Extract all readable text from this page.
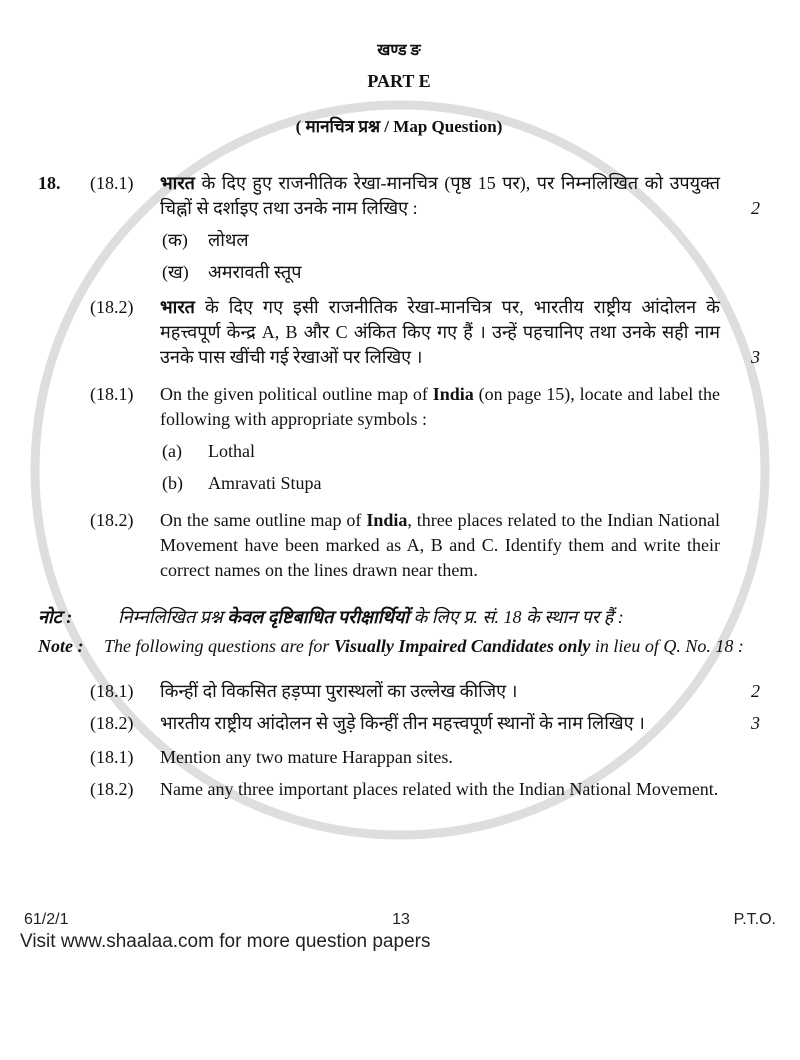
खण्ड ङ
PART E
( मानचित्र प्रश्न / Map Question)
18.	(18.1)	भारत के दिए हुए राजनीतिक रेखा-मानचित्र (पृष्ठ 15 पर), पर निम्नलिखित को उपयुक्त चिह्नों से दर्शाइए तथा उनके नाम लिखिए :	2
(क)	लोथल
(ख)	अमरावती स्तूप
(18.2)	भारत के दिए गए इसी राजनीतिक रेखा-मानचित्र पर, भारतीय राष्ट्रीय आंदोलन के महत्त्वपूर्ण केन्द्र A, B और C अंकित किए गए हैं । उन्हें पहचानिए तथा उनके सही नाम उनके पास खींची गई रेखाओं पर लिखिए ।	3
(18.1)	On the given political outline map of India (on page 15), locate and label the following with appropriate symbols :
(a)	Lothal
(b)	Amravati Stupa
(18.2)	On the same outline map of India, three places related to the Indian National Movement have been marked as A, B and C. Identify them and write their correct names on the lines drawn near them.
नोट :	निम्नलिखित प्रश्न केवल दृष्टिबाधित परीक्षार्थियों के लिए प्र. सं. 18 के स्थान पर हैं :
Note :	The following questions are for Visually Impaired Candidates only in lieu of Q. No. 18 :
(18.1)	किन्हीं दो विकसित हड़प्पा पुरास्थलों का उल्लेख कीजिए ।	2
(18.2)	भारतीय राष्ट्रीय आंदोलन से जुड़े किन्हीं तीन महत्त्वपूर्ण स्थानों के नाम लिखिए ।	3
(18.1)	Mention any two mature Harappan sites.
(18.2)	Name any three important places related with the Indian National Movement.
61/2/1	13	P.T.O.
Visit www.shaalaa.com for more question papers
